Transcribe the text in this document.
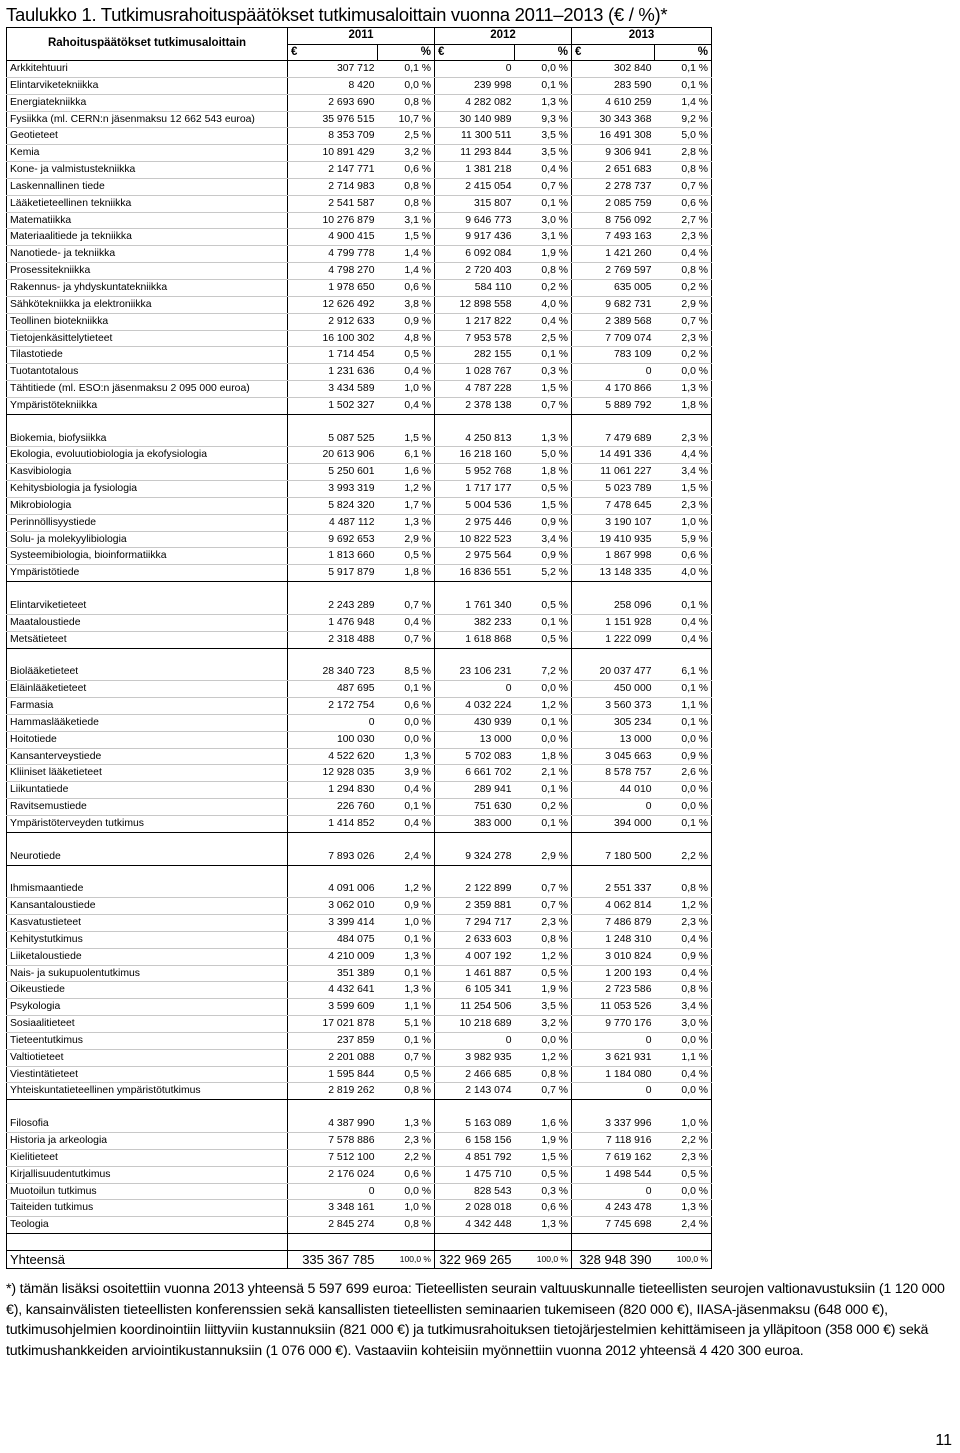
Taulukko 1. Tutkimusrahoituspäätökset tutkimusaloittain vuonna 2011–2013 (€ / %)*
Rahoituspäätökset tutkimusaloittain	2011		2012		2013	
	€	%	€	%	€	%
Arkkitehtuuri	307 712	0,1 %	0	0,0 %	302 840	0,1 %
Elintarviketekniikka	8 420	0,0 %	239 998	0,1 %	283 590	0,1 %
Energiatekniikka	2 693 690	0,8 %	4 282 082	1,3 %	4 610 259	1,4 %
Fysiikka (ml. CERN:n jäsenmaksu 12 662 543 euroa)	35 976 515	10,7 %	30 140 989	9,3 %	30 343 368	9,2 %
Geotieteet	8 353 709	2,5 %	11 300 511	3,5 %	16 491 308	5,0 %
Kemia	10 891 429	3,2 %	11 293 844	3,5 %	9 306 941	2,8 %
Kone- ja valmistustekniikka	2 147 771	0,6 %	1 381 218	0,4 %	2 651 683	0,8 %
Laskennallinen tiede	2 714 983	0,8 %	2 415 054	0,7 %	2 278 737	0,7 %
Lääketieteellinen tekniikka	2 541 587	0,8 %	315 807	0,1 %	2 085 759	0,6 %
Matematiikka	10 276 879	3,1 %	9 646 773	3,0 %	8 756 092	2,7 %
Materiaalitiede ja tekniikka	4 900 415	1,5 %	9 917 436	3,1 %	7 493 163	2,3 %
Nanotiede- ja tekniikka	4 799 778	1,4 %	6 092 084	1,9 %	1 421 260	0,4 %
Prosessitekniikka	4 798 270	1,4 %	2 720 403	0,8 %	2 769 597	0,8 %
Rakennus- ja yhdyskuntatekniikka	1 978 650	0,6 %	584 110	0,2 %	635 005	0,2 %
Sähkötekniikka ja elektroniikka	12 626 492	3,8 %	12 898 558	4,0 %	9 682 731	2,9 %
Teollinen biotekniikka	2 912 633	0,9 %	1 217 822	0,4 %	2 389 568	0,7 %
Tietojenkäsittelytieteet	16 100 302	4,8 %	7 953 578	2,5 %	7 709 074	2,3 %
Tilastotiede	1 714 454	0,5 %	282 155	0,1 %	783 109	0,2 %
Tuotantotalous	1 231 636	0,4 %	1 028 767	0,3 %	0	0,0 %
Tähtitiede (ml. ESO:n jäsenmaksu 2 095 000 euroa)	3 434 589	1,0 %	4 787 228	1,5 %	4 170 866	1,3 %
Ympäristötekniikka	1 502 327	0,4 %	2 378 138	0,7 %	5 889 792	1,8 %

Biokemia, biofysiikka	5 087 525	1,5 %	4 250 813	1,3 %	7 479 689	2,3 %
Ekologia, evoluutiobiologia ja ekofysiologia	20 613 906	6,1 %	16 218 160	5,0 %	14 491 336	4,4 %
Kasvibiologia	5 250 601	1,6 %	5 952 768	1,8 %	11 061 227	3,4 %
Kehitysbiologia ja fysiologia	3 993 319	1,2 %	1 717 177	0,5 %	5 023 789	1,5 %
Mikrobiologia	5 824 320	1,7 %	5 004 536	1,5 %	7 478 645	2,3 %
Perinnöllisyystiede	4 487 112	1,3 %	2 975 446	0,9 %	3 190 107	1,0 %
Solu- ja molekyylibiologia	9 692 653	2,9 %	10 822 523	3,4 %	19 410 935	5,9 %
Systeemibiologia, bioinformatiikka	1 813 660	0,5 %	2 975 564	0,9 %	1 867 998	0,6 %
Ympäristötiede	5 917 879	1,8 %	16 836 551	5,2 %	13 148 335	4,0 %

Elintarviketieteet	2 243 289	0,7 %	1 761 340	0,5 %	258 096	0,1 %
Maataloustiede	1 476 948	0,4 %	382 233	0,1 %	1 151 928	0,4 %
Metsätieteet	2 318 488	0,7 %	1 618 868	0,5 %	1 222 099	0,4 %

Biolääketieteet	28 340 723	8,5 %	23 106 231	7,2 %	20 037 477	6,1 %
Eläinlääketieteet	487 695	0,1 %	0	0,0 %	450 000	0,1 %
Farmasia	2 172 754	0,6 %	4 032 224	1,2 %	3 560 373	1,1 %
Hammaslääketiede	0	0,0 %	430 939	0,1 %	305 234	0,1 %
Hoitotiede	100 030	0,0 %	13 000	0,0 %	13 000	0,0 %
Kansanterveystiede	4 522 620	1,3 %	5 702 083	1,8 %	3 045 663	0,9 %
Kliiniset lääketieteet	12 928 035	3,9 %	6 661 702	2,1 %	8 578 757	2,6 %
Liikuntatiede	1 294 830	0,4 %	289 941	0,1 %	44 010	0,0 %
Ravitsemustiede	226 760	0,1 %	751 630	0,2 %	0	0,0 %
Ympäristöterveyden tutkimus	1 414 852	0,4 %	383 000	0,1 %	394 000	0,1 %

Neurotiede	7 893 026	2,4 %	9 324 278	2,9 %	7 180 500	2,2 %

Ihmismaantiede	4 091 006	1,2 %	2 122 899	0,7 %	2 551 337	0,8 %
Kansantaloustiede	3 062 010	0,9 %	2 359 881	0,7 %	4 062 814	1,2 %
Kasvatustieteet	3 399 414	1,0 %	7 294 717	2,3 %	7 486 879	2,3 %
Kehitystutkimus	484 075	0,1 %	2 633 603	0,8 %	1 248 310	0,4 %
Liiketaloustiede	4 210 009	1,3 %	4 007 192	1,2 %	3 010 824	0,9 %
Nais- ja sukupuolentutkimus	351 389	0,1 %	1 461 887	0,5 %	1 200 193	0,4 %
Oikeustiede	4 432 641	1,3 %	6 105 341	1,9 %	2 723 586	0,8 %
Psykologia	3 599 609	1,1 %	11 254 506	3,5 %	11 053 526	3,4 %
Sosiaalitieteet	17 021 878	5,1 %	10 218 689	3,2 %	9 770 176	3,0 %
Tieteentutkimus	237 859	0,1 %	0	0,0 %	0	0,0 %
Valtiotieteet	2 201 088	0,7 %	3 982 935	1,2 %	3 621 931	1,1 %
Viestintätieteet	1 595 844	0,5 %	2 466 685	0,8 %	1 184 080	0,4 %
Yhteiskuntatieteellinen ympäristötutkimus	2 819 262	0,8 %	2 143 074	0,7 %	0	0,0 %

Filosofia	4 387 990	1,3 %	5 163 089	1,6 %	3 337 996	1,0 %
Historia ja arkeologia	7 578 886	2,3 %	6 158 156	1,9 %	7 118 916	2,2 %
Kielitieteet	7 512 100	2,2 %	4 851 792	1,5 %	7 619 162	2,3 %
Kirjallisuudentutkimus	2 176 024	0,6 %	1 475 710	0,5 %	1 498 544	0,5 %
Muotoilun tutkimus	0	0,0 %	828 543	0,3 %	0	0,0 %
Taiteiden tutkimus	3 348 161	1,0 %	2 028 018	0,6 %	4 243 478	1,3 %
Teologia	2 845 274	0,8 %	4 342 448	1,3 %	7 745 698	2,4 %

Yhteensä	335 367 785	100,0 %	322 969 265	100,0 %	328 948 390	100,0 %
*) tämän lisäksi osoitettiin vuonna 2013 yhteensä 5 597 699 euroa: Tieteellisten seurain valtuuskunnalle tieteellisten seurojen valtionavustuksiin (1 120 000 €), kansainvälisten tieteellisten konferenssien sekä kansallisten tieteellisten seminaarien tukemiseen (820 000 €), IIASA-jäsenmaksu (648 000 €), tutkimusohjelmien koordinointiin liittyviin kustannuksiin (821 000 €) ja tutkimusrahoituksen tietojärjestelmien kehittämiseen ja ylläpitoon (358 000 €) sekä tutkimushankkeiden arviointikustannuksiin (1 076 000 €). Vastaaviin kohteisiin myönnettiin vuonna 2012 yhteensä 4 420 300 euroa.
11
